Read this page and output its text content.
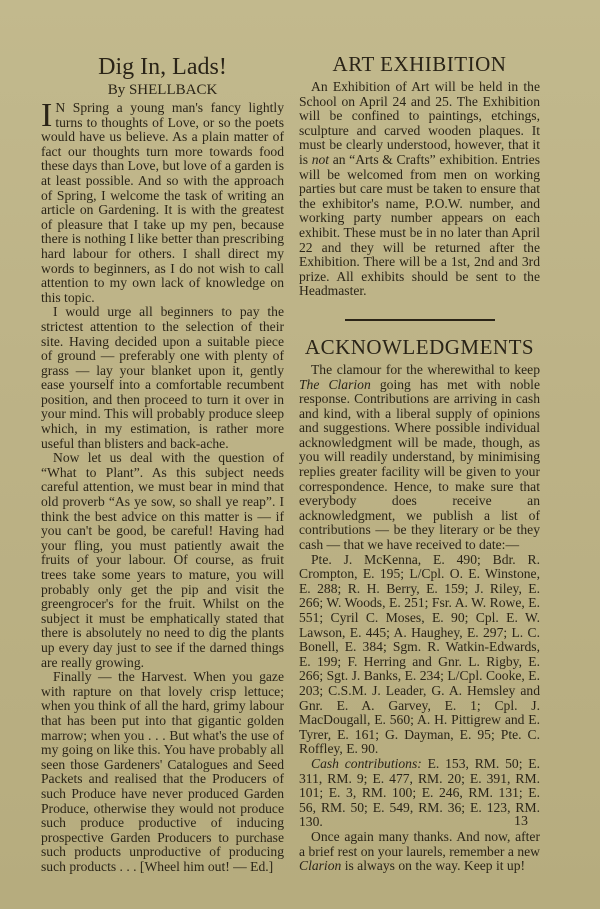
Dig In, Lads!
By SHELLBACK

I N Spring a young man's fancy lightly turns to thoughts of Love, or so the poets would have us believe. As a plain matter of fact our thoughts turn more towards food these days than Love, but love of a garden is at least possible. And so with the approach of Spring, I welcome the task of writing an article on Gardening. It is with the greatest of pleasure that I take up my pen, because there is nothing I like better than prescribing hard labour for others. I shall direct my words to beginners, as I do not wish to call attention to my own lack of knowledge on this topic.

I would urge all beginners to pay the strictest attention to the selection of their site. Having decided upon a suitable piece of ground — preferably one with plenty of grass — lay your blanket upon it, gently ease yourself into a comfortable recumbent position, and then proceed to turn it over in your mind. This will probably produce sleep which, in my estimation, is rather more useful than blisters and back-ache.

Now let us deal with the question of “What to Plant”. As this subject needs careful attention, we must bear in mind that old proverb “As ye sow, so shall ye reap”. I think the best advice on this matter is — if you can't be good, be careful! Having had your fling, you must patiently await the fruits of your labour. Of course, as fruit trees take some years to mature, you will probably only get the pip and visit the greengrocer's for the fruit. Whilst on the subject it must be emphatically stated that there is absolutely no need to dig the plants up every day just to see if the darned things are really growing.

Finally — the Harvest. When you gaze with rapture on that lovely crisp lettuce; when you think of all the hard, grimy labour that has been put into that gigantic golden marrow; when you . . . But what's the use of my going on like this. You have probably all seen those Gardeners' Catalogues and Seed Packets and realised that the Producers of such Produce have never produced Garden Produce, otherwise they would not produce such produce productive of inducing prospective Garden Producers to purchase such products unproductive of producing such products . . . [Wheel him out! — Ed.]

ART EXHIBITION

An Exhibition of Art will be held in the School on April 24 and 25. The Exhibition will be confined to paintings, etchings, sculpture and carved wooden plaques. It must be clearly understood, however, that it is not an “Arts & Crafts” exhibition. Entries will be welcomed from men on working parties but care must be taken to ensure that the exhibitor's name, P.O.W. number, and working party number appears on each exhibit. These must be in no later than April 22 and they will be returned after the Exhibition. There will be a 1st, 2nd and 3rd prize. All exhibits should be sent to the Headmaster.

ACKNOWLEDGMENTS

The clamour for the wherewithal to keep The Clarion going has met with noble response. Contributions are arriving in cash and kind, with a liberal supply of opinions and suggestions. Where possible individual acknowledgment will be made, though, as you will readily understand, by minimising replies greater facility will be given to your correspondence. Hence, to make sure that everybody does receive an acknowledgment, we publish a list of contributions — be they literary or be they cash — that we have received to date:—

Pte. J. McKenna, E. 490; Bdr. R. Crompton, E. 195; L/Cpl. O. E. Winstone, E. 288; R. H. Berry, E. 159; J. Riley, E. 266; W. Woods, E. 251; Fsr. A. W. Rowe, E. 551; Cyril C. Moses, E. 90; Cpl. E. W. Lawson, E. 445; A. Haughey, E. 297; L. C. Bonell, E. 384; Sgm. R. Watkin-Edwards, E. 199; F. Herring and Gnr. L. Rigby, E. 266; Sgt. J. Banks, E. 234; L/Cpl. Cooke, E. 203; C.S.M. J. Leader, G. A. Hemsley and Gnr. E. A. Garvey, E. 1; Cpl. J. MacDougall, E. 560; A. H. Pittigrew and E. Tyrer, E. 161; G. Dayman, E. 95; Pte. C. Roffley, E. 90.

Cash contributions: E. 153, RM. 50; E. 311, RM. 9; E. 477, RM. 20; E. 391, RM. 101; E. 3, RM. 100; E. 246, RM. 131; E. 56, RM. 50; E. 549, RM. 36; E. 123, RM. 130.

Once again many thanks. And now, after a brief rest on your laurels, remember a new Clarion is always on the way. Keep it up!

13
